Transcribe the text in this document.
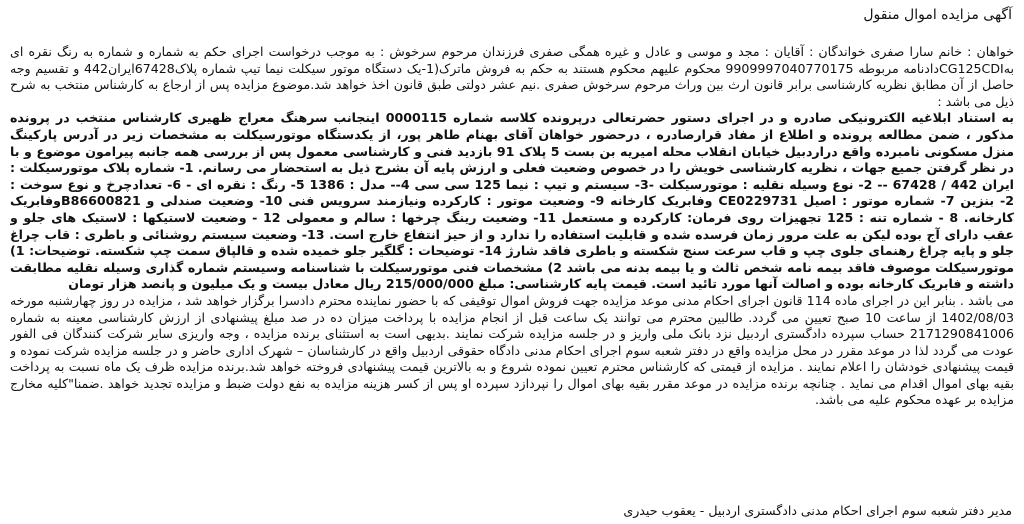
آگهی مزایده اموال منقول

خواهان : خانم سارا صفری خواندگان : آقایان : مجد و موسی و عادل و غیره همگی صفری فرزندان مرحوم سرخوش : به موجب درخواست اجرای حکم به شماره و شماره به رنگ نقره ای بهCG125CDIدادنامه مربوطه 9909997040770175 محکوم علیهم محکوم هستند به حکم به فروش ماترک(1-یک دستگاه موتور سیکلت نیما تیپ شماره پلاک67428ایران442 و تقسیم وجه حاصل از آن مطابق نظریه کارشناسی برابر قانون ارث بین وراث مرحوم سرخوش صفری .نیم عشر دولتی طبق قانون اخذ خواهد شد.موضوع مزایده پس از ارجاع به کارشناس منتخب به شرح ذیل می باشد :

به استناد ابلاغیه الکترونیکی صادره و در اجرای دستور حضرتعالی درپرونده کلاسه شماره 0000115 اینجانب سرهنگ معراج ظهیری کارشناس منتخب در پرونده مذکور ، ضمن مطالعه پرونده و اطلاع از مفاد قرارصادره ، درحضور خواهان آقای بهنام طاهر پور، از یکدستگاه موتورسیکلت به مشخصات زیر در آدرس پارکینگ منزل مسکونی نامبرده واقع دراردبیل خیابان انقلاب محله امیریه بن بست 5 پلاک 91 بازدید فنی و کارشناسی معمول پس از بررسی همه جانبه پیرامون موضوع و با در نظر گرفتن جمیع جهات ، نظریه کارشناسی خویش را در خصوص وضعیت فعلی و ارزش پایه آن بشرح ذیل به استحضار می رسانم. 1- شماره پلاک موتورسیکلت : ایران 442 / 67428 -- 2- نوع وسیله نقلیه : موتورسیکلت -3- سیستم و تیپ : نیما 125 سی سی 4-- مدل : 1386 5- رنگ : نقره ای - 6- تعدادچرخ و نوع سوخت : 2- بنزین 7- شماره موتور : اصیل CE0229731 وفابریک کارخانه 9- وضعیت موتور : کارکرده ونیازمند سرویس فنی 10- وضعیت صندلی و B86600821وفابریک کارخانه. 8 - شماره تنه : 125 تجهیزات روی فرمان: کارکرده و مستعمل 11- وضعیت رینگ چرخها : سالم و معمولی 12 - وضعیت لاستیکها : لاستیک های جلو و عقب دارای آج بوده لیکن به علت مرور زمان فرسده شده و قابلیت استفاده را ندارد و از حیز انتفاع خارج است. 13- وضعیت سیستم روشنائی و باطری : قاب چراغ جلو و پایه چراغ رهنمای جلوی چپ و قاب سرعت سنج شکسته و باطری فاقد شارژ 14- توضیحات : گلگیر جلو خمیده شده و قالپاق سمت چپ شکسته. توضیحات: 1) موتورسیکلت موصوف فاقد بیمه نامه شخص ثالث و یا بیمه بدنه می باشد 2) مشخصات فنی موتورسیکلت با شناسنامه وسیستم شماره گذاری وسیله نقلیه مطابقت داشته و فابریک کارخانه بوده و اصالت آنها مورد تائید است. قیمت پایه کارشناسی: مبلغ 215/000/000 ریال معادل بیست و یک میلیون و پانصد هزار تومان

می باشد . بنابر این در اجرای ماده 114 قانون اجرای احکام مدنی موعد مزایده جهت فروش اموال توقیفی که با حضور نماینده محترم دادسرا برگزار خواهد شد ، مزایده در روز چهارشنبه مورخه 1402/08/03 از ساعت 10 صبح تعیین می گردد. طالبین محترم می توانند یک ساعت قبل از انجام مزایده با پرداخت میزان ده در صد مبلغ پیشنهادی از ارزش کارشناسی معینه به شماره 2171290841006 حساب سپرده دادگستری اردبیل نزد بانک ملی واریز و در جلسه مزایده شرکت نمایند .بدیهی است به استثنای برنده مزایده ، وجه واریزی سایر شرکت کنندگان فی الفور عودت می گردد لذا در موعد مقرر در محل مزایده واقع در دفتر شعبه سوم اجرای احکام مدنی دادگاه حقوقی اردبیل واقع در کارشناسان – شهرک اداری حاضر و در جلسه مزایده شرکت نموده و قیمت پیشنهادی خودشان را اعلام نمایند . مزایده از قیمتی که کارشناس محترم تعیین نموده شروع و به بالاترین قیمت پیشنهادی فروخته خواهد شد.برنده مزایده ظرف یک ماه نسبت به پرداخت بقیه بهای اموال اقدام می نماید . چنانچه برنده مزایده در موعد مقرر بقیه بهای اموال را نپردازد سپرده او پس از کسر هزینه مزایده به نفع دولت ضبط و مزایده تجدید خواهد .ضمنا"کلیه مخارج مزایده بر عهده محکوم علیه می باشد.

مدیر دفتر شعبه سوم اجرای احکام مدنی دادگستری اردبیل - یعقوب حیدری
